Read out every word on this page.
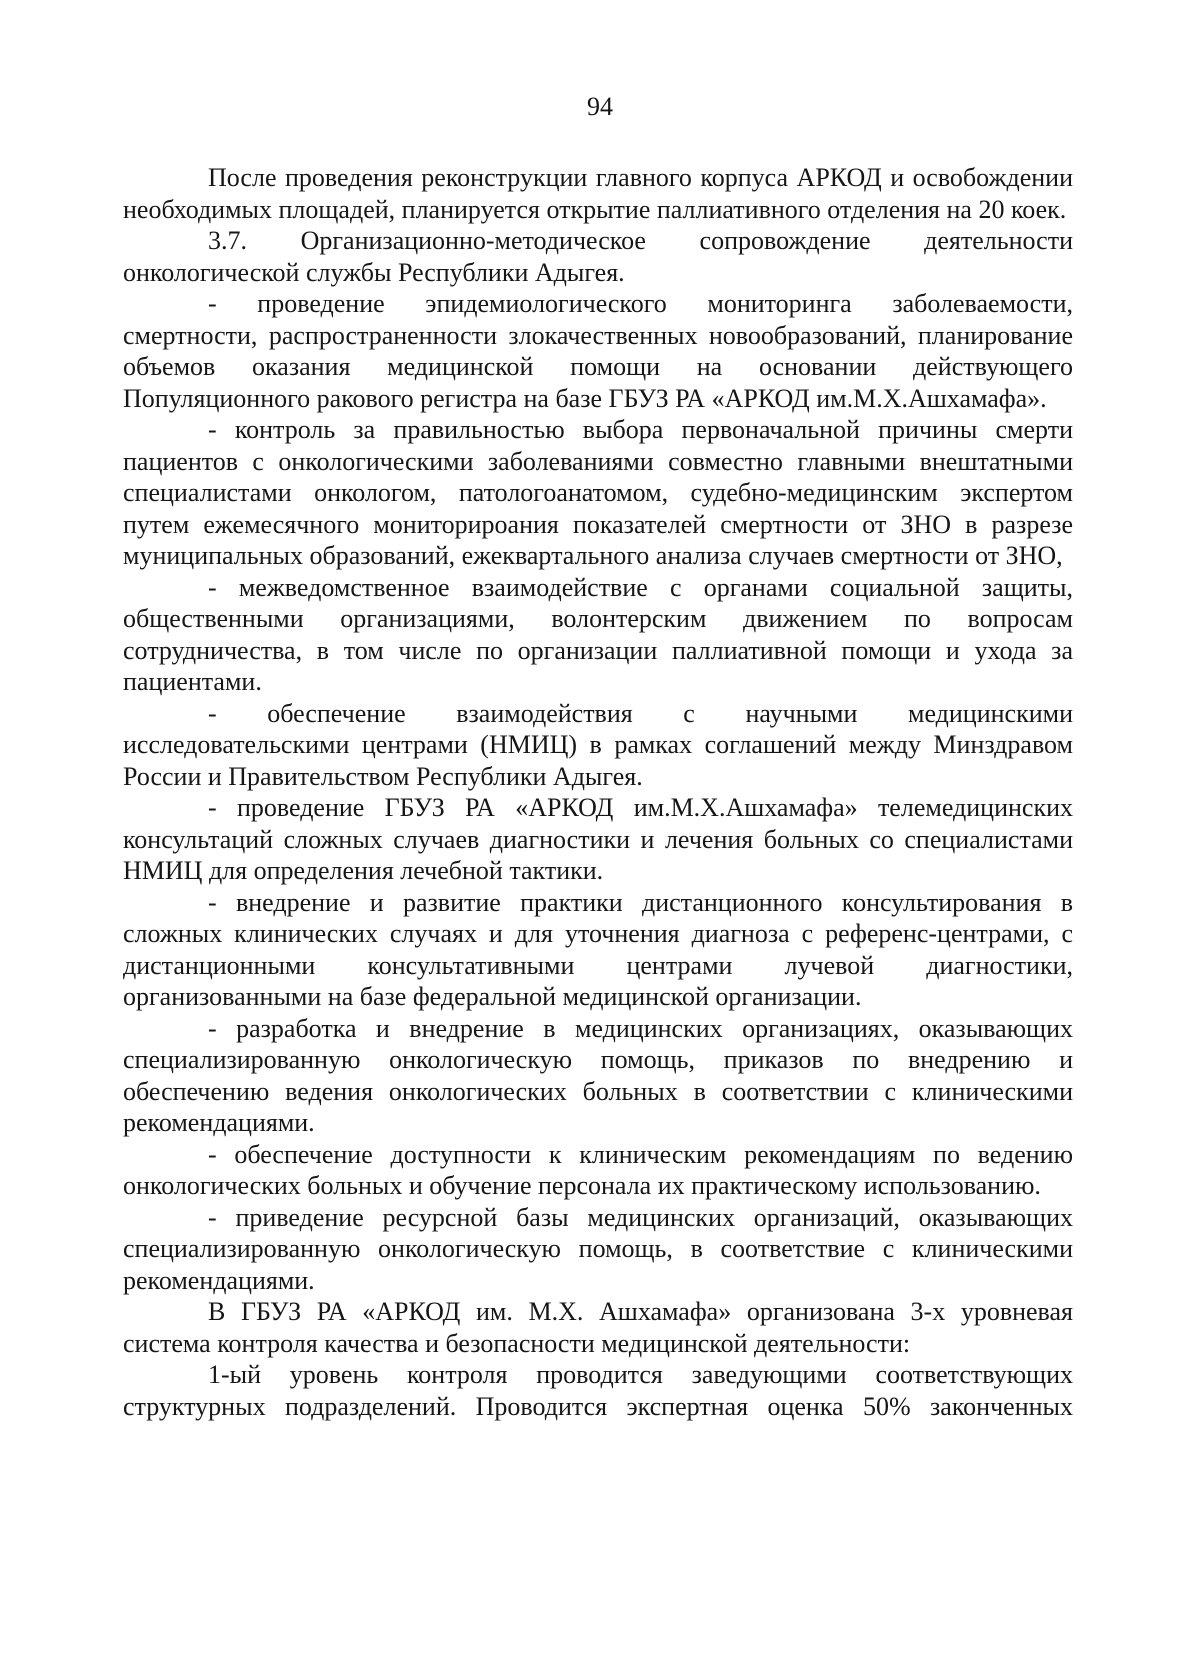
94

После проведения реконструкции главного корпуса АРКОД и освобождении необходимых площадей, планируется открытие паллиативного отделения на 20 коек.

3.7. Организационно-методическое сопровождение деятельности онкологической службы Республики Адыгея.

- проведение эпидемиологического мониторинга заболеваемости, смертности, распространенности злокачественных новообразований, планирование объемов оказания медицинской помощи на основании действующего Популяционного ракового регистра на базе ГБУЗ РА «АРКОД им.М.Х.Ашхамафа».

- контроль за правильностью выбора первоначальной причины смерти пациентов с онкологическими заболеваниями совместно главными внештатными специалистами онкологом, патологоанатомом, судебно-медицинским экспертом путем ежемесячного мониторироания показателей смертности от ЗНО в разрезе муниципальных образований, ежеквартального анализа случаев смертности от ЗНО,

- межведомственное взаимодействие с органами социальной защиты, общественными организациями, волонтерским движением по вопросам сотрудничества, в том числе по организации паллиативной помощи и ухода за пациентами.

- обеспечение взаимодействия с научными медицинскими исследовательскими центрами (НМИЦ) в рамках соглашений между Минздравом России и Правительством Республики Адыгея.

- проведение ГБУЗ РА «АРКОД им.М.Х.Ашхамафа» телемедицинских консультаций сложных случаев диагностики и лечения больных со специалистами НМИЦ для определения лечебной тактики.

- внедрение и развитие практики дистанционного консультирования в сложных клинических случаях и для уточнения диагноза с референс-центрами, с дистанционными консультативными центрами лучевой диагностики, организованными на базе федеральной медицинской организации.

- разработка и внедрение в медицинских организациях, оказывающих специализированную онкологическую помощь, приказов по внедрению и обеспечению ведения онкологических больных в соответствии с клиническими рекомендациями.

- обеспечение доступности к клиническим рекомендациям по ведению онкологических больных и обучение персонала их практическому использованию.

- приведение ресурсной базы медицинских организаций, оказывающих специализированную онкологическую помощь, в соответствие с клиническими рекомендациями.

В ГБУЗ РА «АРКОД им. М.Х. Ашхамафа» организована 3-х уровневая система контроля качества и безопасности медицинской деятельности:

1-ый уровень контроля проводится заведующими соответствующих структурных подразделений. Проводится экспертная оценка 50% законченных
